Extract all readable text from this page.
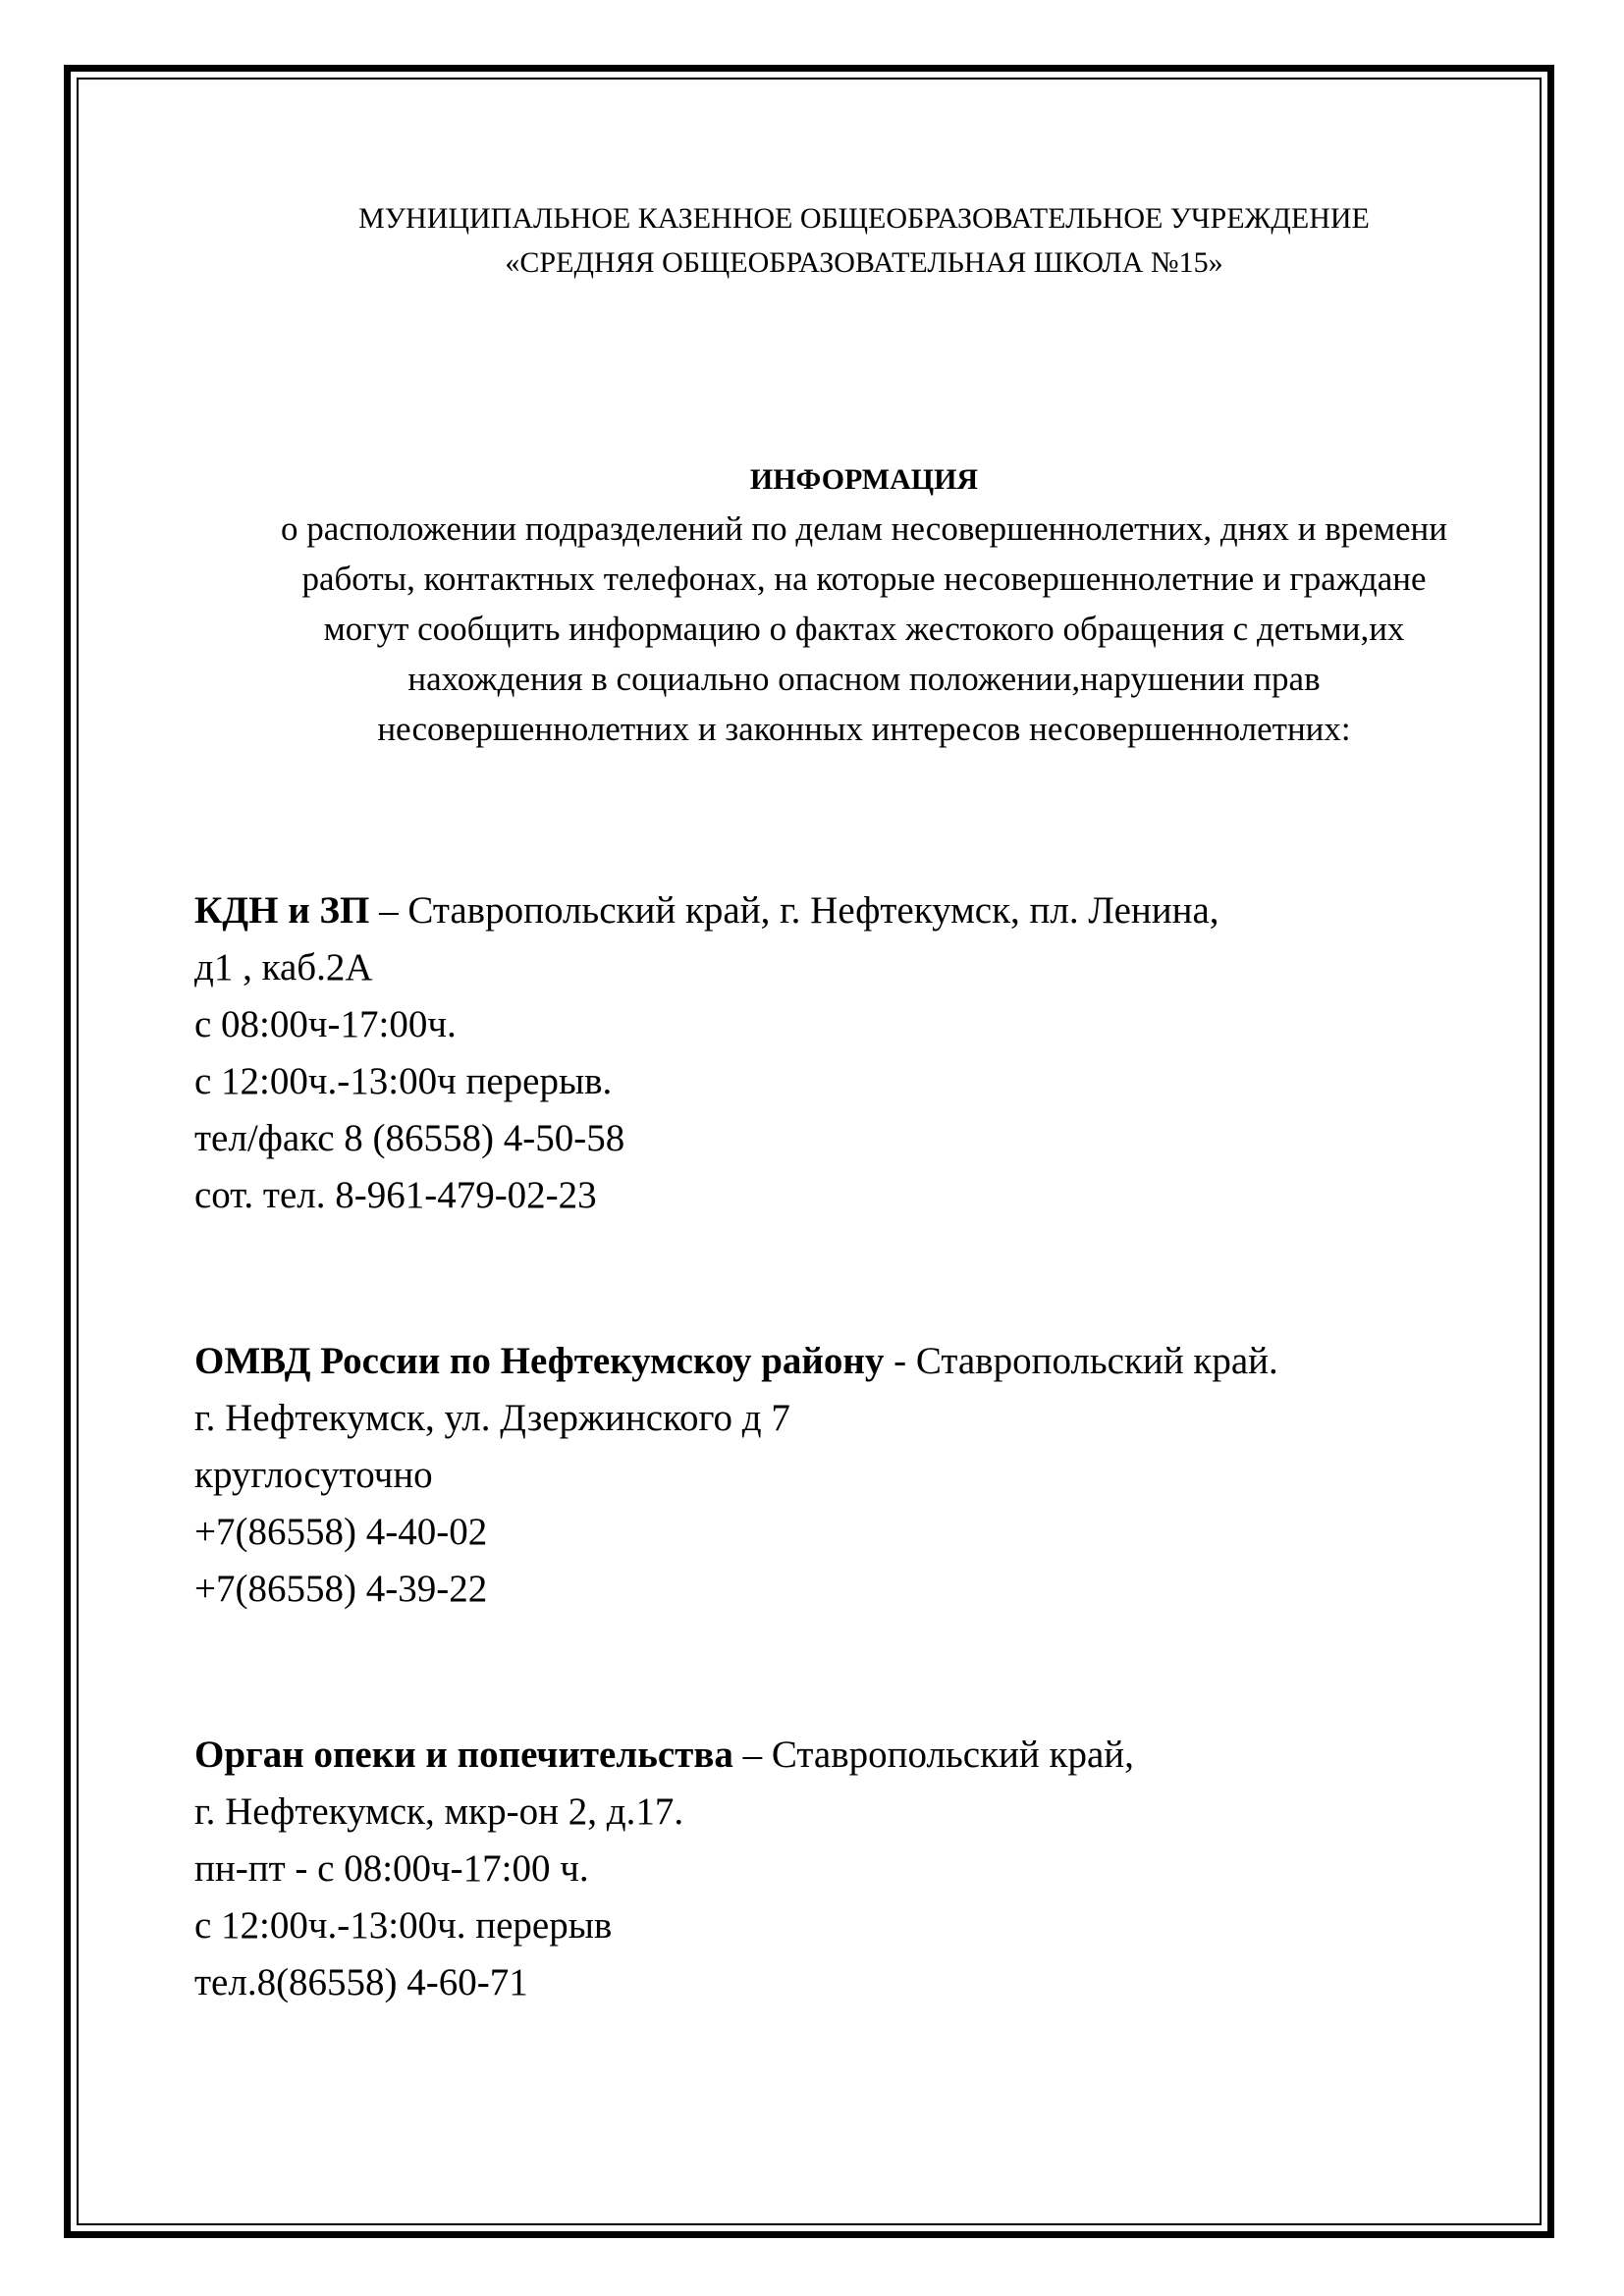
МУНИЦИПАЛЬНОЕ КАЗЕННОЕ ОБЩЕОБРАЗОВАТЕЛЬНОЕ УЧРЕЖДЕНИЕ
«СРЕДНЯЯ ОБЩЕОБРАЗОВАТЕЛЬНАЯ ШКОЛА №15»
ИНФОРМАЦИЯ
о расположении подразделений по делам несовершеннолетних, днях и времени
работы, контактных телефонах, на которые несовершеннолетние и граждане
могут сообщить информацию о фактах жестокого обращения с детьми,их
нахождения в социально опасном положении,нарушении прав
несовершеннолетних и законных интересов несовершеннолетних:
КДН и ЗП – Ставропольский край, г. Нефтекумск, пл. Ленина,
д1 , каб.2А
с 08:00ч-17:00ч.
с 12:00ч.-13:00ч перерыв.
тел/факс 8 (86558) 4-50-58
сот. тел. 8-961-479-02-23
ОМВД России по Нефтекумскоу району - Ставропольский край.
г. Нефтекумск, ул. Дзержинского д 7
круглосуточно
+7(86558) 4-40-02
+7(86558) 4-39-22
Орган опеки и попечительства – Ставропольский край,
г. Нефтекумск, мкр-он 2, д.17.
пн-пт - с 08:00ч-17:00 ч.
с 12:00ч.-13:00ч. перерыв
тел.8(86558) 4-60-71
